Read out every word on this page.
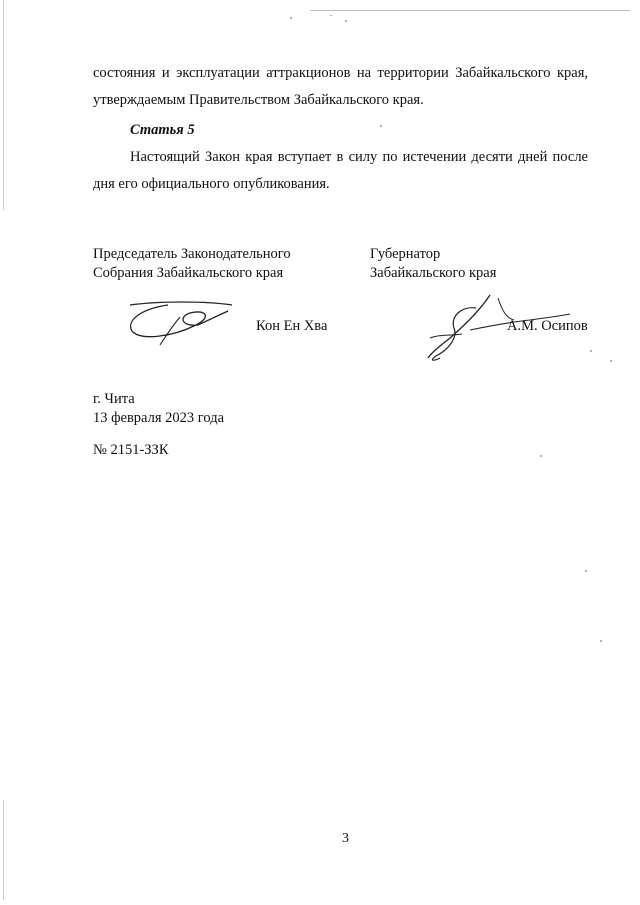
состояния и эксплуатации аттракционов на территории Забайкальского края,
утверждаемым Правительством Забайкальского края.
Статья 5
Настоящий Закон края вступает в силу по истечении десяти дней после
дня его официального опубликования.
Председатель Законодательного
Собрания Забайкальского края
Губернатор
Забайкальского края
Кон Ен Хва	А.М. Осипов
г. Чита
13 февраля 2023 года
№ 2151-ЗЗК
3
